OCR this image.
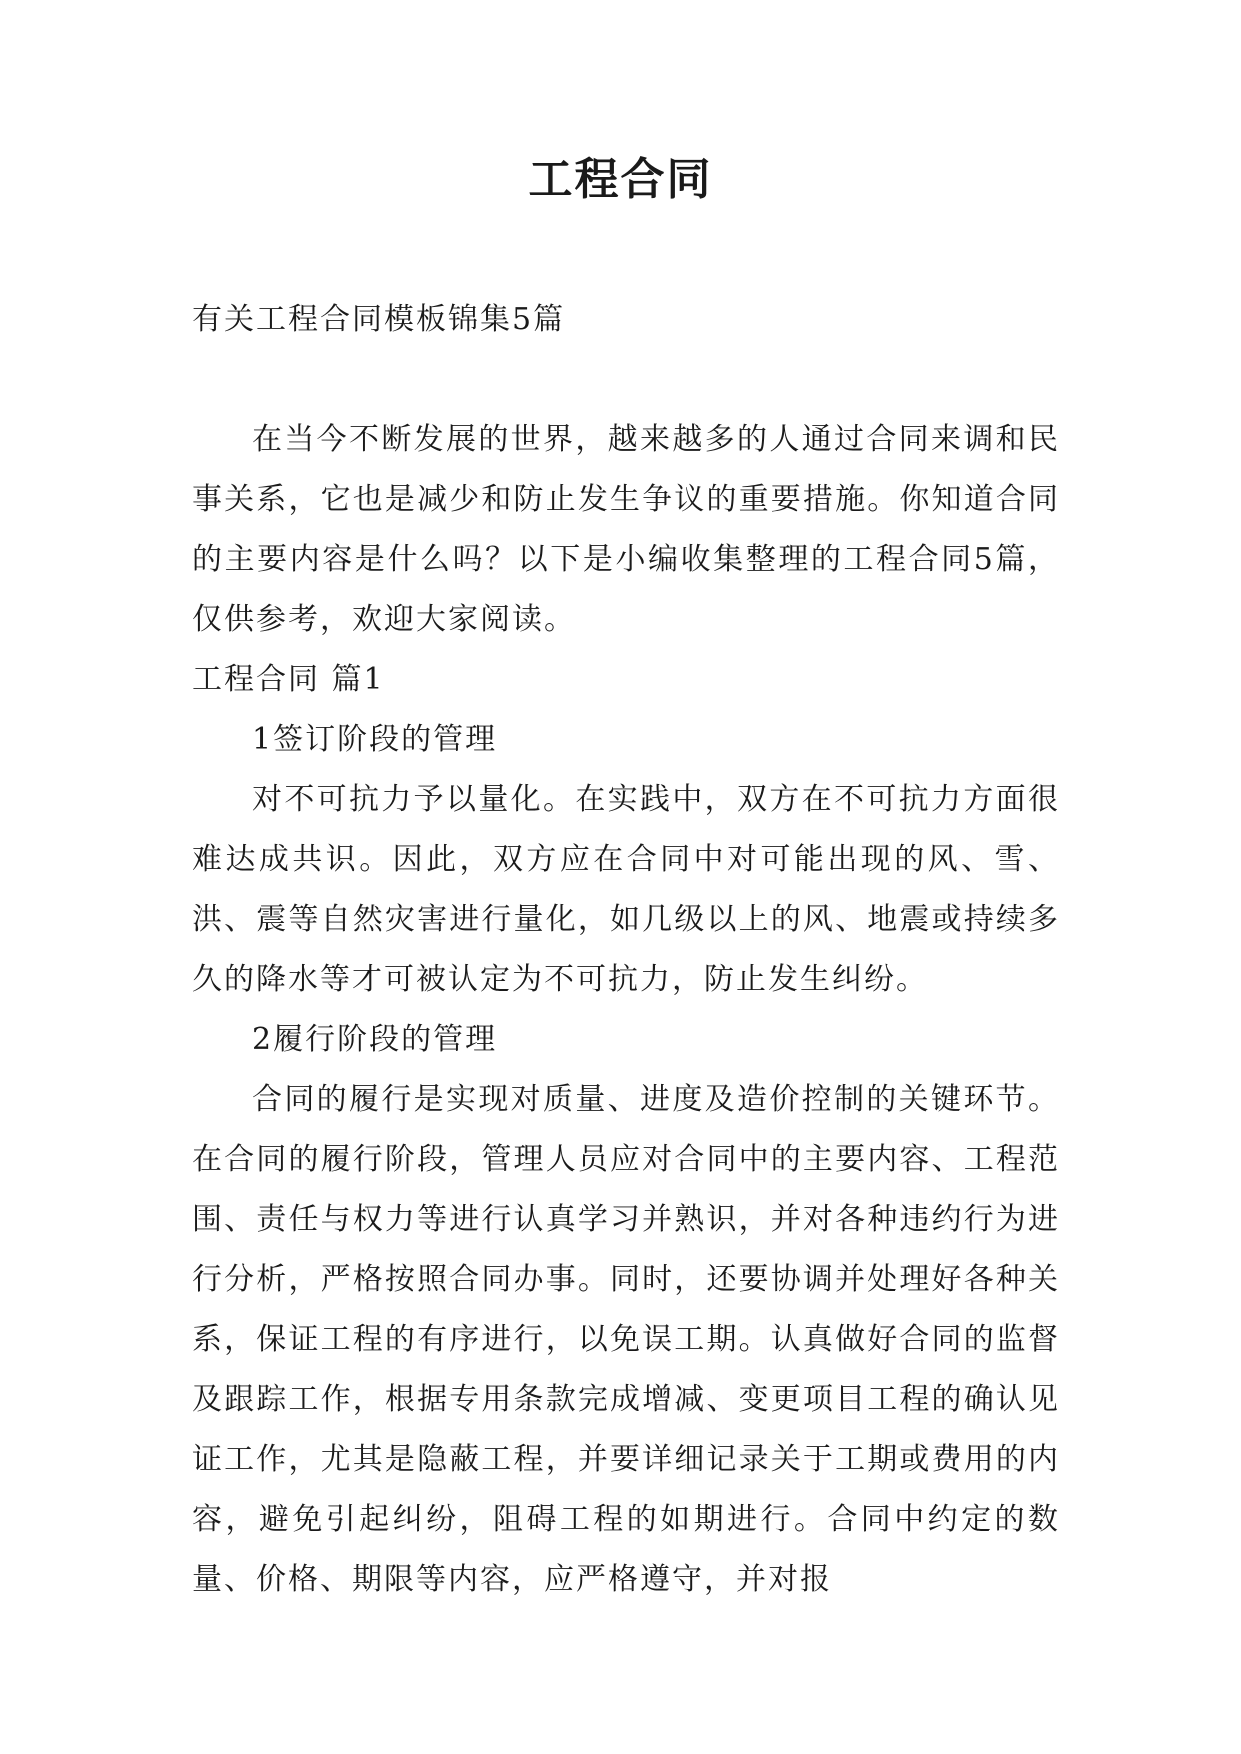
工程合同

有关工程合同模板锦集5篇

在当今不断发展的世界，越来越多的人通过合同来调和民事关系，它也是减少和防止发生争议的重要措施。你知道合同的主要内容是什么吗？以下是小编收集整理的工程合同5篇，仅供参考，欢迎大家阅读。

工程合同 篇1

1签订阶段的管理

对不可抗力予以量化。在实践中，双方在不可抗力方面很难达成共识。因此，双方应在合同中对可能出现的风、雪、洪、震等自然灾害进行量化，如几级以上的风、地震或持续多久的降水等才可被认定为不可抗力，防止发生纠纷。

2履行阶段的管理

合同的履行是实现对质量、进度及造价控制的关键环节。在合同的履行阶段，管理人员应对合同中的主要内容、工程范围、责任与权力等进行认真学习并熟识，并对各种违约行为进行分析，严格按照合同办事。同时，还要协调并处理好各种关系，保证工程的有序进行，以免误工期。认真做好合同的监督及跟踪工作，根据专用条款完成增减、变更项目工程的确认见证工作，尤其是隐蔽工程，并要详细记录关于工期或费用的内容，避免引起纠纷，阻碍工程的如期进行。合同中约定的数量、价格、期限等内容，应严格遵守，并对报
